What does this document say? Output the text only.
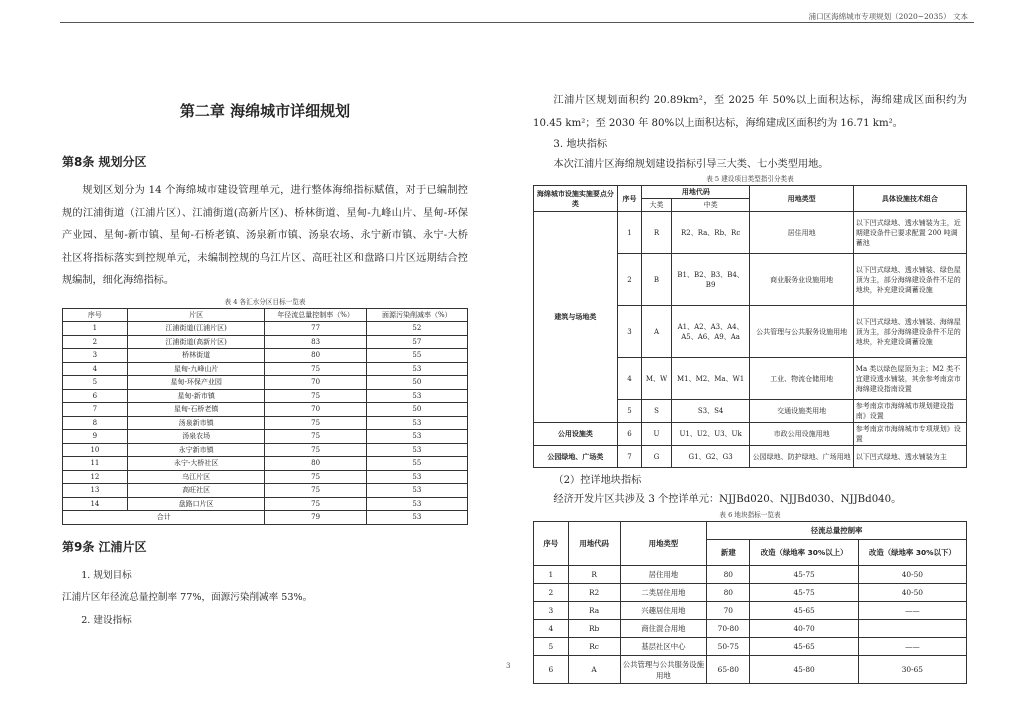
浦口区海绵城市专项规划（2020~2035） 文本
第二章 海绵城市详细规划
第8条 规划分区

规划区划分为 14 个海绵城市建设管理单元，进行整体海绵指标赋值，对于已编制控规的江浦街道（江浦片区）、江浦街道(高新片区)、桥林街道、星甸-九峰山片、星甸-环保产业园、星甸-新市镇、星甸-石桥老镇、汤泉新市镇、汤泉农场、永宁新市镇、永宁-大桥社区将指标落实到控规单元，未编制控规的乌江片区、高旺社区和盘路口片区远期结合控规编制，细化海绵指标。

表 4 各汇水分区目标一览表
序号	片区	年径流总量控制率（%）	面源污染削减率（%）
1	江浦街道(江浦片区)	77	52
2	江浦街道(高新片区)	83	57
3	桥林街道	80	55
4	星甸-九峰山片	75	53
5	星甸-环保产业园	70	50
6	星甸-新市镇	75	53
7	星甸-石桥老镇	70	50
8	汤泉新市镇	75	53
9	汤泉农场	75	53
10	永宁新市镇	75	53
11	永宁-大桥社区	80	55
12	乌江片区	75	53
13	高旺社区	75	53
14	盘路口片区	75	53
合计		79	53
第9条 江浦片区

1. 规划目标

江浦片区年径流总量控制率 77%，面源污染削减率 53%。

2. 建设指标

江浦片区规划面积约 20.89km²，至 2025 年 50%以上面积达标，海绵建成区面积约为 10.45 km²；至 2030 年 80%以上面积达标，海绵建成区面积约为 16.71 km²。

3. 地块指标

本次江浦片区海绵规划建设指标引导三大类、七小类型用地。

表 5 建设项目类型指引分类表
海绵城市设施实施要点分类	序号	用地代码		用地类型	具体设施技术组合
		大类	中类		
建筑与场地类	1	R	R2、Ra、Rb、Rc	居住用地	以下凹式绿地、透水铺装为主，近期建设条件已要求配置 200 吨调蓄池
	2	B	B1、B2、B3、B4、B9	商业服务业设施用地	以下凹式绿地、透水铺装、绿色屋顶为主，部分海绵建设条件不足的地块，补充建设调蓄设施
	3	A	A1、A2、A3、A4、A5、A6、A9、Aa	公共管理与公共服务设施用地	以下凹式绿地、透水铺装、海绵屋顶为主，部分海绵建设条件不足的地块，补充建设调蓄设施
	4	M、W	M1、M2、Ma、W1	工业、物流仓储用地	Ma 类以绿色屋顶为主；M2 类不宜建设透水铺装，其余参考南京市海绵建设指南设置
	5	S	S3、S4	交通设施类用地	参考南京市海绵城市规划建设指南》设置
公用设施类	6	U	U1、U2、U3、Uk	市政公用设施用地	参考南京市海绵城市专项规划》设置
公园绿地、广场类	7	G	G1、G2、G3	公园绿地、防护绿地、广场用地	以下凹式绿地、透水铺装为主

（2）控详地块指标

经济开发片区共涉及 3 个控详单元：NJJBd020、NJJBd030、NJJBd040。

表 6 地块指标一览表
序号	用地代码	用地类型	径流总量控制率		
			新建	改造（绿地率 30%以上）	改造（绿地率 30%以下）
1	R	居住用地	80	45-75	40-50
2	R2	二类居住用地	80	45-75	40-50
3	Ra	兴趣居住用地	70	45-65	——
4	Rb	商住混合用地	70-80	40-70	
5	Rc	基层社区中心	50-75	45-65	——
6	A	公共管理与公共服务设施用地	65-80	45-80	30-65
3
